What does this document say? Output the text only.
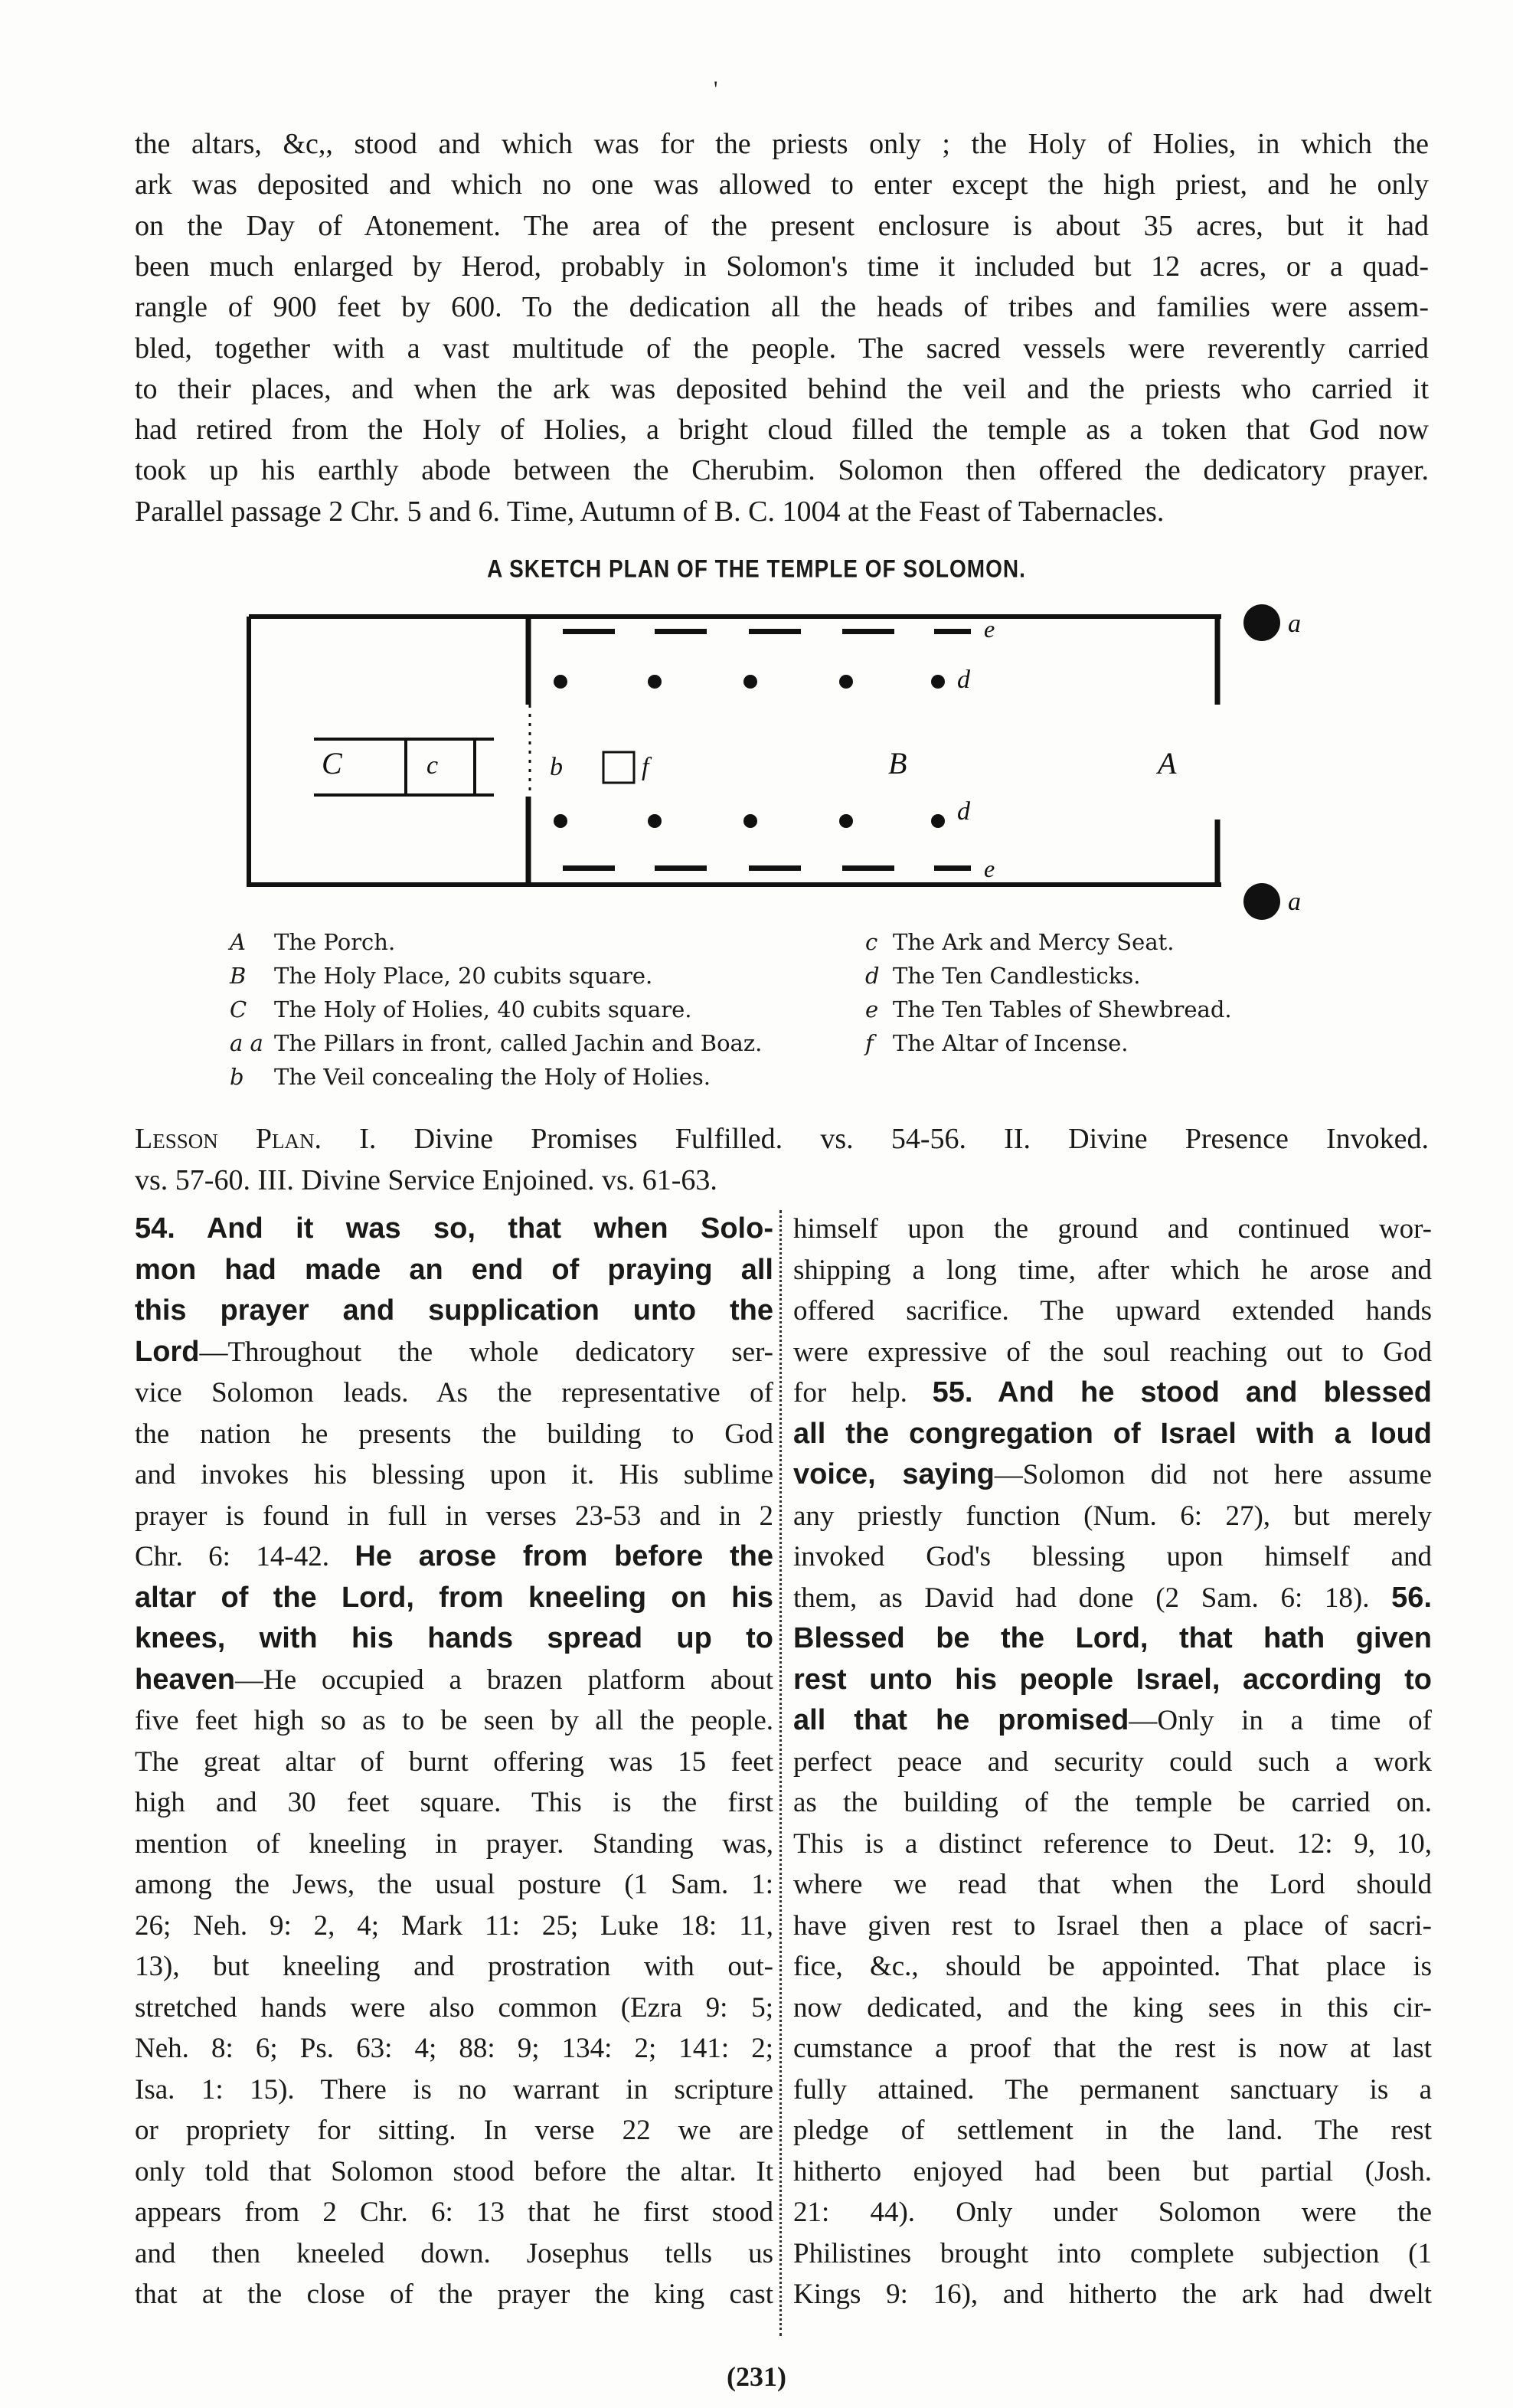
'
the altars, &c,, stood and which was for the priests only ; the Holy of Holies, in which the
ark was deposited and which no one was allowed to enter except the high priest, and he only
on the Day of Atonement. The area of the present enclosure is about 35 acres, but it had
been much enlarged by Herod, probably in Solomon's time it included but 12 acres, or a quad-
rangle of 900 feet by 600. To the dedication all the heads of tribes and families were assem-
bled, together with a vast multitude of the people. The sacred vessels were reverently carried
to their places, and when the ark was deposited behind the veil and the priests who carried it
had retired from the Holy of Holies, a bright cloud filled the temple as a token that God now
took up his earthly abode between the Cherubim. Solomon then offered the dedicatory prayer.
Parallel passage 2 Chr. 5 and 6. Time, Autumn of B. C. 1004 at the Feast of Tabernacles.
A SKETCH PLAN OF THE TEMPLE OF SOLOMON.
C	c	b	f	B	A
d
d
e
e
a
a
A The Porch.
B The Holy Place, 20 cubits square.
C The Holy of Holies, 40 cubits square.
a a The Pillars in front, called Jachin and Boaz.
b The Veil concealing the Holy of Holies.
c The Ark and Mercy Seat.
d The Ten Candlesticks.
e The Ten Tables of Shewbread.
f The Altar of Incense.
Lesson Plan. I. Divine Promises Fulfilled. vs. 54-56. II. Divine Presence Invoked.
vs. 57-60. III. Divine Service Enjoined. vs. 61-63.

54. And it was so, that when Solo-

mon had made an end of praying all

this prayer and supplication unto the

Lord—Throughout the whole dedicatory ser-

vice Solomon leads. As the representative of

the nation he presents the building to God

and invokes his blessing upon it. His sublime

prayer is found in full in verses 23-53 and in 2

Chr. 6: 14-42. He arose from before the

altar of the Lord, from kneeling on his

knees, with his hands spread up to

heaven—He occupied a brazen platform about

five feet high so as to be seen by all the people.

The great altar of burnt offering was 15 feet

high and 30 feet square. This is the first

mention of kneeling in prayer. Standing was,

among the Jews, the usual posture (1 Sam. 1:

26; Neh. 9: 2, 4; Mark 11: 25; Luke 18: 11,

13), but kneeling and prostration with out-

stretched hands were also common (Ezra 9: 5;

Neh. 8: 6; Ps. 63: 4; 88: 9; 134: 2; 141: 2;

Isa. 1: 15). There is no warrant in scripture

or propriety for sitting. In verse 22 we are

only told that Solomon stood before the altar. It

appears from 2 Chr. 6: 13 that he first stood

and then kneeled down. Josephus tells us

that at the close of the prayer the king cast

himself upon the ground and continued wor-

shipping a long time, after which he arose and

offered sacrifice. The upward extended hands

were expressive of the soul reaching out to God

for help. 55. And he stood and blessed

all the congregation of Israel with a loud

voice, saying—Solomon did not here assume

any priestly function (Num. 6: 27), but merely

invoked God's blessing upon himself and

them, as David had done (2 Sam. 6: 18). 56.

Blessed be the Lord, that hath given

rest unto his people Israel, according to

all that he promised—Only in a time of

perfect peace and security could such a work

as the building of the temple be carried on.

This is a distinct reference to Deut. 12: 9, 10,

where we read that when the Lord should

have given rest to Israel then a place of sacri-

fice, &c., should be appointed. That place is

now dedicated, and the king sees in this cir-

cumstance a proof that the rest is now at last

fully attained. The permanent sanctuary is a

pledge of settlement in the land. The rest

hitherto enjoyed had been but partial (Josh.

21: 44). Only under Solomon were the

Philistines brought into complete subjection (1

Kings 9: 16), and hitherto the ark had dwelt

(231)
